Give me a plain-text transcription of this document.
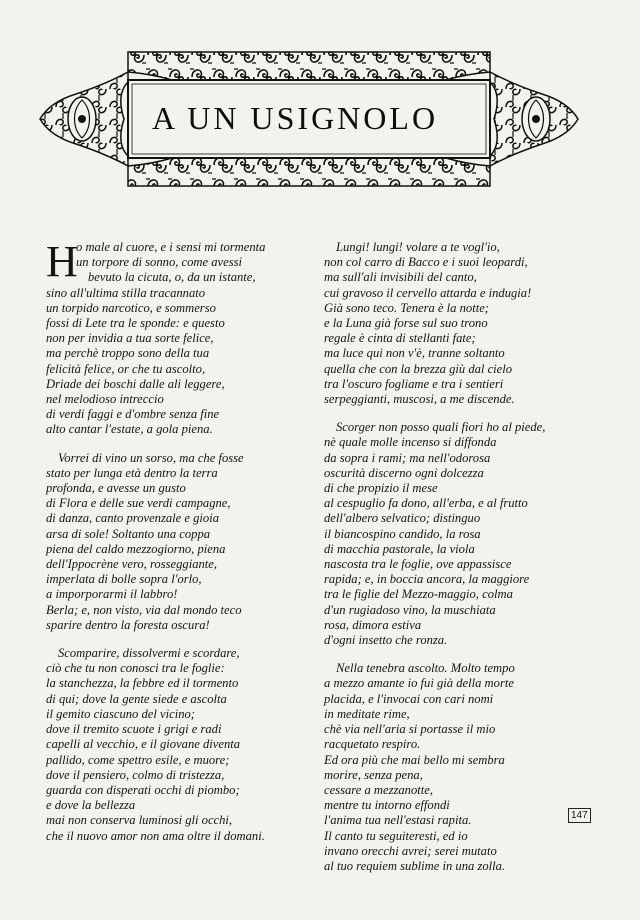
A UN USIGNOLO
H
o male al cuore, e i sensi mi tormenta
un torpore di sonno, come avessi
bevuto la cicuta, o, da un istante,
sino all'ultima stilla tracannato
un torpido narcotico, e sommerso
fossi di Lete tra le sponde: e questo
non per invidia a tua sorte felice,
ma perchè troppo sono della tua
felicità felice, or che tu ascolto,
Driade dei boschi dalle ali leggere,
nel melodioso intreccio
di verdi faggi e d'ombre senza fine
alto cantar l'estate, a gola piena.
Vorrei di vino un sorso, ma che fosse
stato per lunga età dentro la terra
profonda, e avesse un gusto
di Flora e delle sue verdi campagne,
di danza, canto provenzale e gioia
arsa di sole! Soltanto una coppa
piena del caldo mezzogiorno, piena
dell'Ippocrène vero, rosseggiante,
imperlata di bolle sopra l'orlo,
a imporporarmi il labbro!
Berla; e, non visto, via dal mondo teco
sparire dentro la foresta oscura!
Scomparire, dissolvermi e scordare,
ciò che tu non conosci tra le foglie:
la stanchezza, la febbre ed il tormento
di qui; dove la gente siede e ascolta
il gemito ciascuno del vicino;
dove il tremito scuote i grigi e radi
capelli al vecchio, e il giovane diventa
pallido, come spettro esile, e muore;
dove il pensiero, colmo di tristezza,
guarda con disperati occhi di piombo;
e dove la bellezza
mai non conserva luminosi gli occhi,
che il nuovo amor non ama oltre il domani.
Lungi! lungi! volare a te vogl'io,
non col carro di Bacco e i suoi leopardi,
ma sull'ali invisibili del canto,
cui gravoso il cervello attarda e indugia!
Già sono teco. Tenera è la notte;
e la Luna già forse sul suo trono
regale è cinta di stellanti fate;
ma luce qui non v'è, tranne soltanto
quella che con la brezza giù dal cielo
tra l'oscuro fogliame e tra i sentieri
serpeggianti, muscosi, a me discende.
Scorger non posso quali fiori ho al piede,
nè quale molle incenso si diffonda
da sopra i rami; ma nell'odorosa
oscurità discerno ogni dolcezza
di che propizio il mese
al cespuglio fa dono, all'erba, e al frutto
dell'albero selvatico; distinguo
il biancospino candido, la rosa
di macchia pastorale, la viola
nascosta tra le foglie, ove appassisce
rapida; e, in boccia ancora, la maggiore
tra le figlie del Mezzo-maggio, colma
d'un rugiadoso vino, la muschiata
rosa, dimora estiva
d'ogni insetto che ronza.
Nella tenebra ascolto. Molto tempo
a mezzo amante io fui già della morte
placida, e l'invocai con cari nomi
in meditate rime,
chè via nell'aria si portasse il mio
racquetato respiro.
Ed ora più che mai bello mi sembra
morire, senza pena,
cessare a mezzanotte,
mentre tu intorno effondi
l'anima tua nell'estasi rapita.
Il canto tu seguiteresti, ed io
invano orecchi avrei; serei mutato
al tuo requiem sublime in una zolla.
147
